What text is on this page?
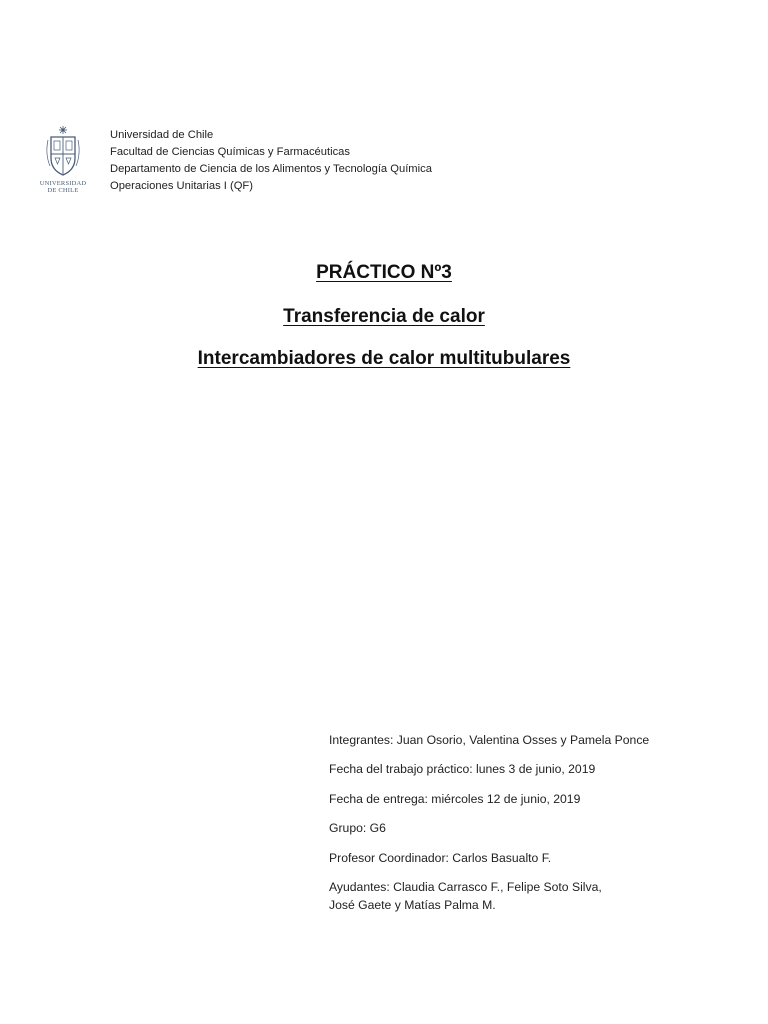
UNIVERSIDAD
DE CHILE
Universidad de Chile
Facultad de Ciencias Químicas y Farmacéuticas
Departamento de Ciencia de los Alimentos y Tecnología Química
Operaciones Unitarias I (QF)
PRÁCTICO Nº3
Transferencia de calor
Intercambiadores de calor multitubulares
Integrantes: Juan Osorio, Valentina Osses y Pamela Ponce
Fecha del trabajo práctico: lunes 3 de junio, 2019
Fecha de entrega: miércoles 12 de junio, 2019
Grupo: G6
Profesor Coordinador: Carlos Basualto F.
Ayudantes: Claudia Carrasco F., Felipe Soto Silva,
José Gaete y Matías Palma M.
